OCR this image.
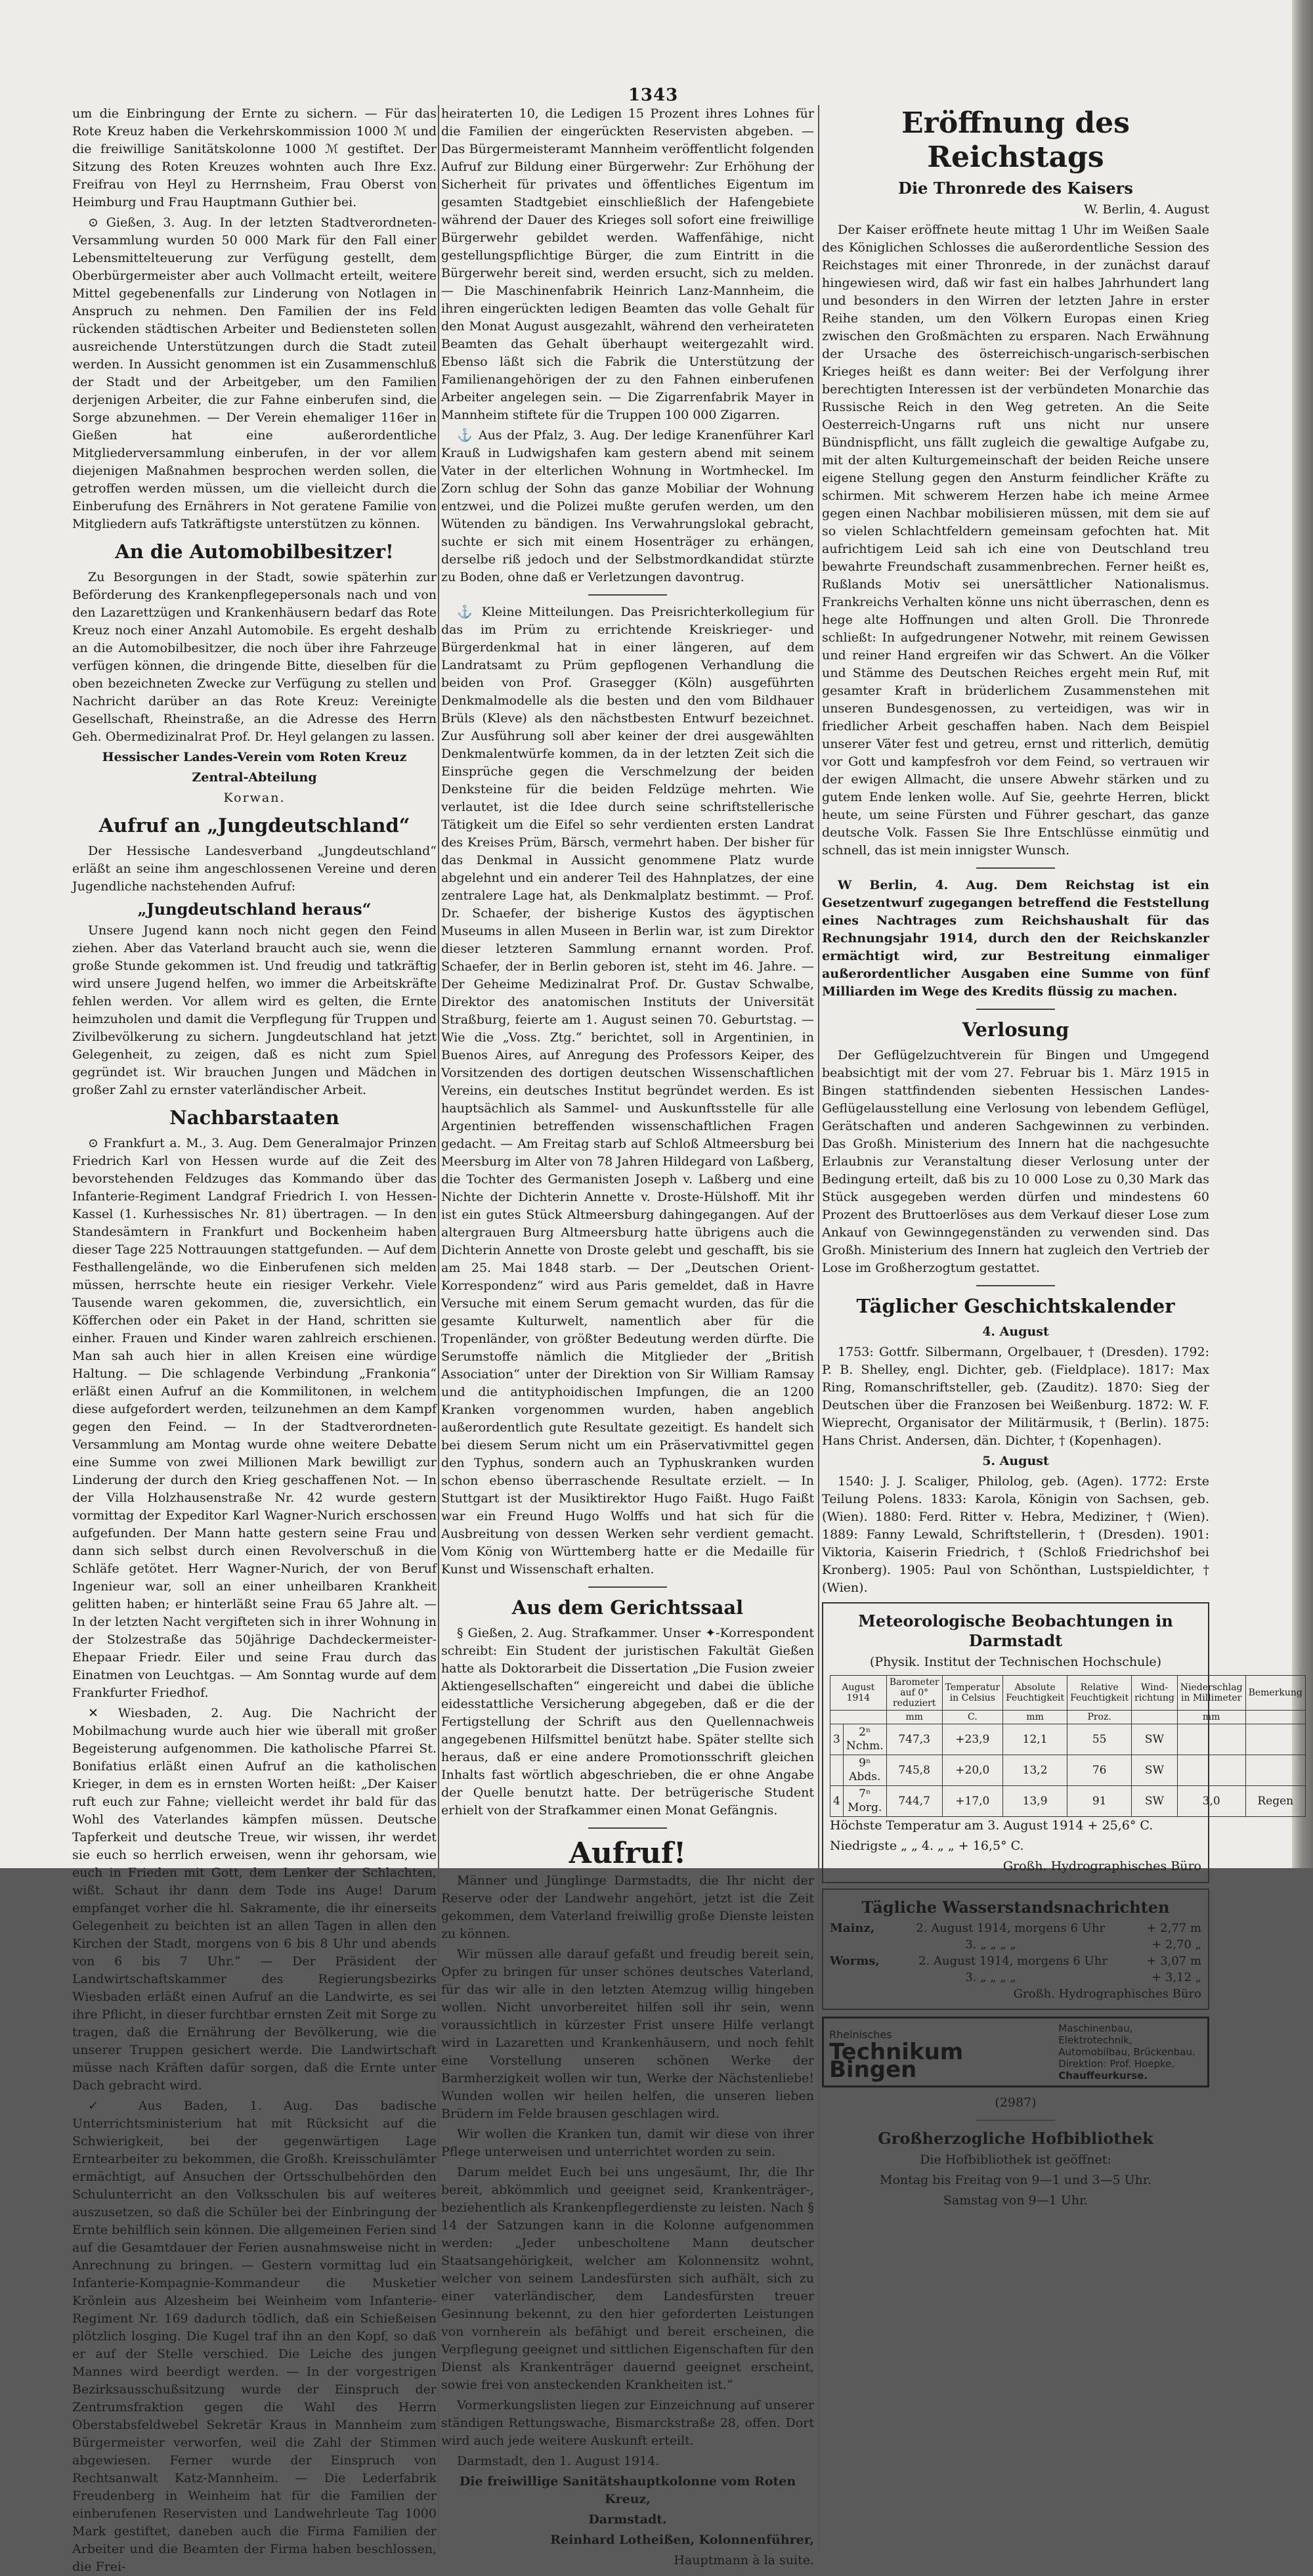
1343

um die Einbringung der Ernte zu sichern. — Für das Rote Kreuz haben die Verkehrskommission 1000 ℳ und die freiwillige Sanitätskolonne 1000 ℳ gestiftet. Der Sitzung des Roten Kreuzes wohnten auch Ihre Exz. Freifrau von Heyl zu Herrnsheim, Frau Oberst von Heimburg und Frau Hauptmann Guthier bei.

⊙ Gießen, 3. Aug. In der letzten Stadtverordneten-Versammlung wurden 50 000 Mark für den Fall einer Lebensmittelteuerung zur Verfügung gestellt, dem Oberbürgermeister aber auch Vollmacht erteilt, weitere Mittel gegebenenfalls zur Linderung von Notlagen in Anspruch zu nehmen. Den Familien der ins Feld rückenden städtischen Arbeiter und Bediensteten sollen ausreichende Unterstützungen durch die Stadt zuteil werden. In Aussicht genommen ist ein Zusammenschluß der Stadt und der Arbeitgeber, um den Familien derjenigen Arbeiter, die zur Fahne einberufen sind, die Sorge abzunehmen. — Der Verein ehemaliger 116er in Gießen hat eine außerordentliche Mitgliederversammlung einberufen, in der vor allem diejenigen Maßnahmen besprochen werden sollen, die getroffen werden müssen, um die vielleicht durch die Einberufung des Ernährers in Not geratene Familie von Mitgliedern aufs Tatkräftigste unterstützen zu können.

An die Automobilbesitzer!

Zu Besorgungen in der Stadt, sowie späterhin zur Beförderung des Krankenpflegepersonals nach und von den Lazarettzügen und Krankenhäusern bedarf das Rote Kreuz noch einer Anzahl Automobile. Es ergeht deshalb an die Automobilbesitzer, die noch über ihre Fahrzeuge verfügen können, die dringende Bitte, dieselben für die oben bezeichneten Zwecke zur Verfügung zu stellen und Nachricht darüber an das Rote Kreuz: Vereinigte Gesellschaft, Rheinstraße, an die Adresse des Herrn Geh. Obermedizinalrat Prof. Dr. Heyl gelangen zu lassen.

Hessischer Landes-Verein vom Roten Kreuz

Zentral-Abteilung

Korwan.

Aufruf an „Jungdeutschland“

Der Hessische Landesverband „Jungdeutschland“ erläßt an seine ihm angeschlossenen Vereine und deren Jugendliche nachstehenden Aufruf:

„Jungdeutschland heraus“

Unsere Jugend kann noch nicht gegen den Feind ziehen. Aber das Vaterland braucht auch sie, wenn die große Stunde gekommen ist. Und freudig und tatkräftig wird unsere Jugend helfen, wo immer die Arbeitskräfte fehlen werden. Vor allem wird es gelten, die Ernte heimzuholen und damit die Verpflegung für Truppen und Zivilbevölkerung zu sichern. Jungdeutschland hat jetzt Gelegenheit, zu zeigen, daß es nicht zum Spiel gegründet ist. Wir brauchen Jungen und Mädchen in großer Zahl zu ernster vaterländischer Arbeit.

Nachbarstaaten

⊙ Frankfurt a. M., 3. Aug. Dem Generalmajor Prinzen Friedrich Karl von Hessen wurde auf die Zeit des bevorstehenden Feldzuges das Kommando über das Infanterie-Regiment Landgraf Friedrich I. von Hessen-Kassel (1. Kurhessisches Nr. 81) übertragen. — In den Standesämtern in Frankfurt und Bockenheim haben dieser Tage 225 Nottrauungen stattgefunden. — Auf dem Festhallengelände, wo die Einberufenen sich melden müssen, herrschte heute ein riesiger Verkehr. Viele Tausende waren gekommen, die, zuversichtlich, ein Köfferchen oder ein Paket in der Hand, schritten sie einher. Frauen und Kinder waren zahlreich erschienen. Man sah auch hier in allen Kreisen eine würdige Haltung. — Die schlagende Verbindung „Frankonia“ erläßt einen Aufruf an die Kommilitonen, in welchem diese aufgefordert werden, teilzunehmen an dem Kampf gegen den Feind. — In der Stadtverordneten-Versammlung am Montag wurde ohne weitere Debatte eine Summe von zwei Millionen Mark bewilligt zur Linderung der durch den Krieg geschaffenen Not. — In der Villa Holzhausenstraße Nr. 42 wurde gestern vormittag der Expeditor Karl Wagner-Nurich erschossen aufgefunden. Der Mann hatte gestern seine Frau und dann sich selbst durch einen Revolverschuß in die Schläfe getötet. Herr Wagner-Nurich, der von Beruf Ingenieur war, soll an einer unheilbaren Krankheit gelitten haben; er hinterläßt seine Frau 65 Jahre alt. — In der letzten Nacht vergifteten sich in ihrer Wohnung in der Stolzestraße das 50jährige Dachdeckermeister-Ehepaar Friedr. Eiler und seine Frau durch das Einatmen von Leuchtgas. — Am Sonntag wurde auf dem Frankfurter Friedhof.

✕ Wiesbaden, 2. Aug. Die Nachricht der Mobilmachung wurde auch hier wie überall mit großer Begeisterung aufgenommen. Die katholische Pfarrei St. Bonifatius erläßt einen Aufruf an die katholischen Krieger, in dem es in ernsten Worten heißt: „Der Kaiser ruft euch zur Fahne; vielleicht werdet ihr bald für das Wohl des Vaterlandes kämpfen müssen. Deutsche Tapferkeit und deutsche Treue, wir wissen, ihr werdet sie euch so herrlich erweisen, wenn ihr gehorsam, wie euch in Frieden mit Gott, dem Lenker der Schlachten, wißt. Schaut ihr dann dem Tode ins Auge! Darum empfanget vorher die hl. Sakramente, die ihr einerseits Gelegenheit zu beichten ist an allen Tagen in allen den Kirchen der Stadt, morgens von 6 bis 8 Uhr und abends von 6 bis 7 Uhr.“ — Der Präsident der Landwirtschaftskammer des Regierungsbezirks Wiesbaden erläßt einen Aufruf an die Landwirte, es sei ihre Pflicht, in dieser furchtbar ernsten Zeit mit Sorge zu tragen, daß die Ernährung der Bevölkerung, wie die unserer Truppen gesichert werde. Die Landwirtschaft müsse nach Kräften dafür sorgen, daß die Ernte unter Dach gebracht wird.

✓ Aus Baden, 1. Aug. Das badische Unterrichtsministerium hat mit Rücksicht auf die Schwierigkeit, bei der gegenwärtigen Lage Erntearbeiter zu bekommen, die Großh. Kreisschulämter ermächtigt, auf Ansuchen der Ortsschulbehörden den Schulunterricht an den Volksschulen bis auf weiteres auszusetzen, so daß die Schüler bei der Einbringung der Ernte behilflich sein können. Die allgemeinen Ferien sind auf die Gesamtdauer der Ferien ausnahmsweise nicht in Anrechnung zu bringen. — Gestern vormittag lud ein Infanterie-Kompagnie-Kommandeur die Musketier Krönlein aus Alzesheim bei Weinheim vom Infanterie-Regiment Nr. 169 dadurch tödlich, daß ein Schießeisen plötzlich losging. Die Kugel traf ihn an den Kopf, so daß er auf der Stelle verschied. Die Leiche des jungen Mannes wird beerdigt werden. — In der vorgestrigen Bezirksausschußsitzung wurde der Einspruch der Zentrumsfraktion gegen die Wahl des Herrn Oberstabsfeldwebel Sekretär Kraus in Mannheim zum Bürgermeister verworfen, weil die Zahl der Stimmen abgewiesen. Ferner wurde der Einspruch von Rechtsanwalt Katz-Mannheim. — Die Lederfabrik Freudenberg in Weinheim hat für die Familien der einberufenen Reservisten und Landwehrleute Tag 1000 Mark gestiftet, daneben auch die Firma Familien der Arbeiter und die Beamten der Firma haben beschlossen, die Frei-

heiraterten 10, die Ledigen 15 Prozent ihres Lohnes für die Familien der eingerückten Reservisten abgeben. — Das Bürgermeisteramt Mannheim veröffentlicht folgenden Aufruf zur Bildung einer Bürgerwehr: Zur Erhöhung der Sicherheit für privates und öffentliches Eigentum im gesamten Stadtgebiet einschließlich der Hafengebiete während der Dauer des Krieges soll sofort eine freiwillige Bürgerwehr gebildet werden. Waffenfähige, nicht gestellungspflichtige Bürger, die zum Eintritt in die Bürgerwehr bereit sind, werden ersucht, sich zu melden. — Die Maschinenfabrik Heinrich Lanz-Mannheim, die ihren eingerückten ledigen Beamten das volle Gehalt für den Monat August ausgezahlt, während den verheirateten Beamten das Gehalt überhaupt weitergezahlt wird. Ebenso läßt sich die Fabrik die Unterstützung der Familienangehörigen der zu den Fahnen einberufenen Arbeiter angelegen sein. — Die Zigarrenfabrik Mayer in Mannheim stiftete für die Truppen 100 000 Zigarren.

⚓ Aus der Pfalz, 3. Aug. Der ledige Kranenführer Karl Krauß in Ludwigshafen kam gestern abend mit seinem Vater in der elterlichen Wohnung in Wortmheckel. Im Zorn schlug der Sohn das ganze Mobiliar der Wohnung entzwei, und die Polizei mußte gerufen werden, um den Wütenden zu bändigen. Ins Verwahrungslokal gebracht, suchte er sich mit einem Hosenträger zu erhängen, derselbe riß jedoch und der Selbstmordkandidat stürzte zu Boden, ohne daß er Verletzungen davontrug.

⚓ Kleine Mitteilungen. Das Preisrichterkollegium für das im Prüm zu errichtende Kreiskrieger- und Bürgerdenkmal hat in einer längeren, auf dem Landratsamt zu Prüm gepflogenen Verhandlung die beiden von Prof. Grasegger (Köln) ausgeführten Denkmalmodelle als die besten und den vom Bildhauer Brüls (Kleve) als den nächstbesten Entwurf bezeichnet. Zur Ausführung soll aber keiner der drei ausgewählten Denkmalentwürfe kommen, da in der letzten Zeit sich die Einsprüche gegen die Verschmelzung der beiden Denksteine für die beiden Feldzüge mehrten. Wie verlautet, ist die Idee durch seine schriftstellerische Tätigkeit um die Eifel so sehr verdienten ersten Landrat des Kreises Prüm, Bärsch, vermehrt haben. Der bisher für das Denkmal in Aussicht genommene Platz wurde abgelehnt und ein anderer Teil des Hahnplatzes, der eine zentralere Lage hat, als Denkmalplatz bestimmt. — Prof. Dr. Schaefer, der bisherige Kustos des ägyptischen Museums in allen Museen in Berlin war, ist zum Direktor dieser letzteren Sammlung ernannt worden. Prof. Schaefer, der in Berlin geboren ist, steht im 46. Jahre. — Der Geheime Medizinalrat Prof. Dr. Gustav Schwalbe, Direktor des anatomischen Instituts der Universität Straßburg, feierte am 1. August seinen 70. Geburtstag. — Wie die „Voss. Ztg.“ berichtet, soll in Argentinien, in Buenos Aires, auf Anregung des Professors Keiper, des Vorsitzenden des dortigen deutschen Wissenschaftlichen Vereins, ein deutsches Institut begründet werden. Es ist hauptsächlich als Sammel- und Auskunftsstelle für alle Argentinien betreffenden wissenschaftlichen Fragen gedacht. — Am Freitag starb auf Schloß Altmeersburg bei Meersburg im Alter von 78 Jahren Hildegard von Laßberg, die Tochter des Germanisten Joseph v. Laßberg und eine Nichte der Dichterin Annette v. Droste-Hülshoff. Mit ihr ist ein gutes Stück Altmeersburg dahingegangen. Auf der altergrauen Burg Altmeersburg hatte übrigens auch die Dichterin Annette von Droste gelebt und geschafft, bis sie am 25. Mai 1848 starb. — Der „Deutschen Orient-Korrespondenz“ wird aus Paris gemeldet, daß in Havre Versuche mit einem Serum gemacht wurden, das für die gesamte Kulturwelt, namentlich aber für die Tropenländer, von größter Bedeutung werden dürfte. Die Serumstoffe nämlich die Mitglieder der „British Association“ unter der Direktion von Sir William Ramsay und die antityphoidischen Impfungen, die an 1200 Kranken vorgenommen wurden, haben angeblich außerordentlich gute Resultate gezeitigt. Es handelt sich bei diesem Serum nicht um ein Präservativmittel gegen den Typhus, sondern auch an Typhuskranken wurden schon ebenso überraschende Resultate erzielt. — In Stuttgart ist der Musiktirektor Hugo Faißt. Hugo Faißt war ein Freund Hugo Wolffs und hat sich für die Ausbreitung von dessen Werken sehr verdient gemacht. Vom König von Württemberg hatte er die Medaille für Kunst und Wissenschaft erhalten.

Aus dem Gerichtssaal

§ Gießen, 2. Aug. Strafkammer. Unser ✦-Korrespondent schreibt: Ein Student der juristischen Fakultät Gießen hatte als Doktorarbeit die Dissertation „Die Fusion zweier Aktiengesellschaften“ eingereicht und dabei die übliche eidesstattliche Versicherung abgegeben, daß er die der Fertigstellung der Schrift aus den Quellennachweis angegebenen Hilfsmittel benützt habe. Später stellte sich heraus, daß er eine andere Promotionsschrift gleichen Inhalts fast wörtlich abgeschrieben, die er ohne Angabe der Quelle benutzt hatte. Der betrügerische Student erhielt von der Strafkammer einen Monat Gefängnis.

Aufruf!

Männer und Jünglinge Darmstadts, die Ihr nicht der Reserve oder der Landwehr angehört, jetzt ist die Zeit gekommen, dem Vaterland freiwillig große Dienste leisten zu können.

Wir müssen alle darauf gefaßt und freudig bereit sein, Opfer zu bringen für unser schönes deutsches Vaterland, für das wir alle in den letzten Atemzug willig hingeben wollen. Nicht unvorbereitet hilfen soll ihr sein, wenn voraussichtlich in kürzester Frist unsere Hilfe verlangt wird in Lazaretten und Krankenhäusern, und noch fehlt eine Vorstellung unseren schönen Werke der Barmherzigkeit wollen wir tun, Werke der Nächstenliebe! Wunden wollen wir heilen helfen, die unseren lieben Brüdern im Felde brausen geschlagen wird.

Wir wollen die Kranken tun, damit wir diese von ihrer Pflege unterweisen und unterrichtet worden zu sein.

Darum meldet Euch bei uns ungesäumt, Ihr, die Ihr bereit, abkömmlich und geeignet seid, Krankenträger-, beziehentlich als Krankenpflegerdienste zu leisten. Nach § 14 der Satzungen kann in die Kolonne aufgenommen werden: „Jeder unbescholtene Mann deutscher Staatsangehörigkeit, welcher am Kolonnensitz wohnt, welcher von seinem Landesfürsten sich aufhält, sich zu einer vaterländischer, dem Landesfürsten treuer Gesinnung bekennt, zu den hier geforderten Leistungen von vornherein als befähigt und bereit erscheinen, die Verpflegung geeignet und sittlichen Eigenschaften für den Dienst als Krankenträger dauernd geeignet erscheint, sowie frei von ansteckenden Krankheiten ist.“

Vormerkungslisten liegen zur Einzeichnung auf unserer ständigen Rettungswache, Bismarckstraße 28, offen. Dort wird auch jede weitere Auskunft erteilt.

Darmstadt, den 1. August 1914.

Die freiwillige Sanitätshauptkolonne vom Roten Kreuz,

Darmstadt.

Reinhard Lotheißen, Kolonnenführer,

Hauptmann à la suite.

Eröffnung des Reichstags
Die Thronrede des Kaisers

W. Berlin, 4. August

Der Kaiser eröffnete heute mittag 1 Uhr im Weißen Saale des Königlichen Schlosses die außerordentliche Session des Reichstages mit einer Thronrede, in der zunächst darauf hingewiesen wird, daß wir fast ein halbes Jahrhundert lang und besonders in den Wirren der letzten Jahre in erster Reihe standen, um den Völkern Europas einen Krieg zwischen den Großmächten zu ersparen. Nach Erwähnung der Ursache des österreichisch-ungarisch-serbischen Krieges heißt es dann weiter: Bei der Verfolgung ihrer berechtigten Interessen ist der verbündeten Monarchie das Russische Reich in den Weg getreten. An die Seite Oesterreich-Ungarns ruft uns nicht nur unsere Bündnispflicht, uns fällt zugleich die gewaltige Aufgabe zu, mit der alten Kulturgemeinschaft der beiden Reiche unsere eigene Stellung gegen den Ansturm feindlicher Kräfte zu schirmen. Mit schwerem Herzen habe ich meine Armee gegen einen Nachbar mobilisieren müssen, mit dem sie auf so vielen Schlachtfeldern gemeinsam gefochten hat. Mit aufrichtigem Leid sah ich eine von Deutschland treu bewahrte Freundschaft zusammenbrechen. Ferner heißt es, Rußlands Motiv sei unersättlicher Nationalismus. Frankreichs Verhalten könne uns nicht überraschen, denn es hege alte Hoffnungen und alten Groll. Die Thronrede schließt: In aufgedrungener Notwehr, mit reinem Gewissen und reiner Hand ergreifen wir das Schwert. An die Völker und Stämme des Deutschen Reiches ergeht mein Ruf, mit gesamter Kraft in brüderlichem Zusammenstehen mit unseren Bundesgenossen, zu verteidigen, was wir in friedlicher Arbeit geschaffen haben. Nach dem Beispiel unserer Väter fest und getreu, ernst und ritterlich, demütig vor Gott und kampfesfroh vor dem Feind, so vertrauen wir der ewigen Allmacht, die unsere Abwehr stärken und zu gutem Ende lenken wolle. Auf Sie, geehrte Herren, blickt heute, um seine Fürsten und Führer geschart, das ganze deutsche Volk. Fassen Sie Ihre Entschlüsse einmütig und schnell, das ist mein innigster Wunsch.

W Berlin, 4. Aug. Dem Reichstag ist ein Gesetzentwurf zugegangen betreffend die Feststellung eines Nachtrages zum Reichshaushalt für das Rechnungsjahr 1914, durch den der Reichskanzler ermächtigt wird, zur Bestreitung einmaliger außerordentlicher Ausgaben eine Summe von fünf Milliarden im Wege des Kredits flüssig zu machen.

Verlosung

Der Geflügelzuchtverein für Bingen und Umgegend beabsichtigt mit der vom 27. Februar bis 1. März 1915 in Bingen stattfindenden siebenten Hessischen Landes-Geflügelausstellung eine Verlosung von lebendem Geflügel, Gerätschaften und anderen Sachgewinnen zu verbinden. Das Großh. Ministerium des Innern hat die nachgesuchte Erlaubnis zur Veranstaltung dieser Verlosung unter der Bedingung erteilt, daß bis zu 10 000 Lose zu 0,30 Mark das Stück ausgegeben werden dürfen und mindestens 60 Prozent des Bruttoerlöses aus dem Verkauf dieser Lose zum Ankauf von Gewinngegenständen zu verwenden sind. Das Großh. Ministerium des Innern hat zugleich den Vertrieb der Lose im Großherzogtum gestattet.

Täglicher Geschichtskalender

4. August

1753: Gottfr. Silbermann, Orgelbauer, † (Dresden). 1792: P. B. Shelley, engl. Dichter, geb. (Fieldplace). 1817: Max Ring, Romanschriftsteller, geb. (Zauditz). 1870: Sieg der Deutschen über die Franzosen bei Weißenburg. 1872: W. F. Wieprecht, Organisator der Militärmusik, † (Berlin). 1875: Hans Christ. Andersen, dän. Dichter, † (Kopenhagen).

5. August

1540: J. J. Scaliger, Philolog, geb. (Agen). 1772: Erste Teilung Polens. 1833: Karola, Königin von Sachsen, geb. (Wien). 1880: Ferd. Ritter v. Hebra, Mediziner, † (Wien). 1889: Fanny Lewald, Schriftstellerin, † (Dresden). 1901: Viktoria, Kaiserin Friedrich, † (Schloß Friedrichshof bei Kronberg). 1905: Paul von Schönthan, Lustspieldichter, † (Wien).

Meteorologische Beobachtungen in Darmstadt

(Physik. Institut der Technischen Hochschule)

August 1914		Barometer auf 0° reduziert	Temperatur in Celsius	Absolute Feuchtigkeit	Relative Feuchtigkeit	Wind-richtung	Niederschlag in Millimeter	Bemerkung
		mm	C.	mm	Proz.		mm	
3	2ⁿ Nchm.	747,3	+23,9	12,1	55	SW		
	9ⁿ Abds.	745,8	+20,0	13,2	76	SW		
4	7ⁿ Morg.	744,7	+17,0	13,9	91	SW	3,0	Regen

Höchste Temperatur am 3. August 1914 + 25,6° C.

Niedrigste „ „ 4. „ „ + 16,5° C.

Großh. Hydrographisches Büro

Tägliche Wasserstandsnachrichten
Mainz,	2. August 1914, morgens 6 Uhr	+ 2,77 m
3. „ „ „ „	+ 2,70 „
Worms,	2. August 1914, morgens 6 Uhr	+ 3,07 m
3. „ „ „ „	+ 3,12 „

Großh. Hydrographisches Büro

Rheinisches
Technikum Bingen
Maschinenbau, Elektrotechnik,
Automobilbau, Brückenbau.
Direktion: Prof. Hoepke.
Chauffeurkurse.

(2987)

Großherzogliche Hofbibliothek

Die Hofbibliothek ist geöffnet:

Montag bis Freitag von 9—1 und 3—5 Uhr.

Samstag von 9—1 Uhr.
